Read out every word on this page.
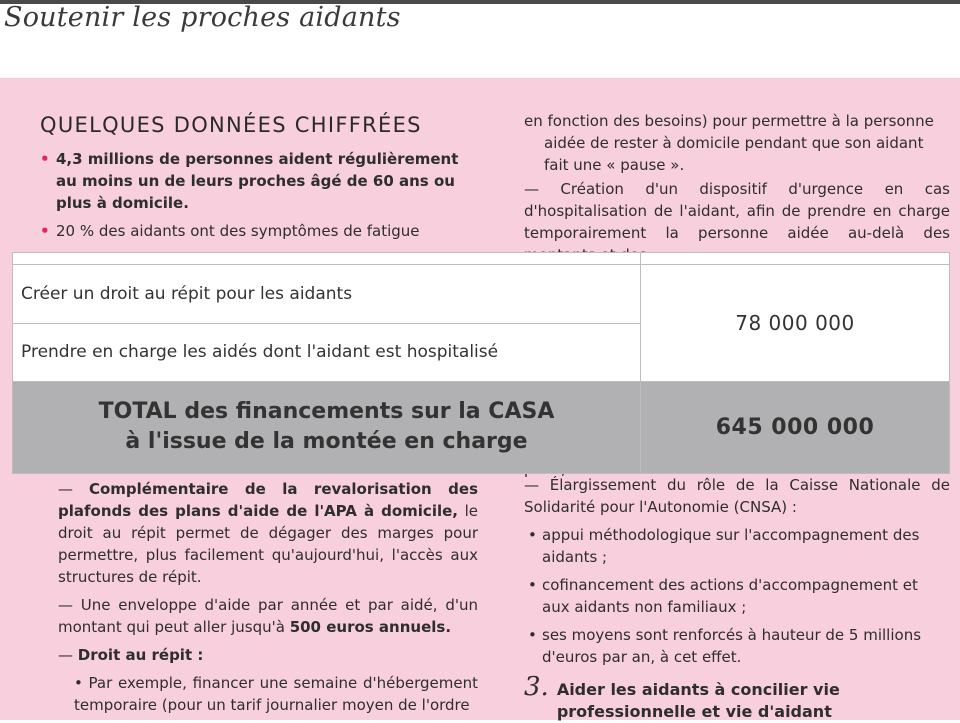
Soutenir les proches aidants
QUELQUES DONNÉES CHIFFRÉES
• 4,3 millions de personnes aident régulièrement au moins un de leurs proches âgé de 60 ans ou plus à domicile.
• 20 % des aidants ont des symptômes de fatigue
en fonction des besoins) pour permettre à la personne
aidée de rester à domicile pendant que son aidant
fait une « pause ».
— Création d'un dispositif d'urgence en cas d'hospitalisation de l'aidant, afin de prendre en charge temporairement la personne aidée au-delà des
— Complémentaire de la revalorisation des plafonds des plans d'aide de l'APA à domicile, le droit au répit permet de dégager des marges pour permettre, plus facilement qu'aujourd'hui, l'accès aux structures de répit.
— Une enveloppe d'aide par année et par aidé, d'un montant qui peut aller jusqu'à 500 euros annuels.
— Droit au répit :
• Par exemple, financer une semaine d'hébergement temporaire (pour un tarif journalier moyen de l'ordre
— Élargissement du rôle de la Caisse Nationale de Solidarité pour l'Autonomie (CNSA) :
• appui méthodologique sur l'accompagnement des aidants ;
• cofinancement des actions d'accompagnement et aux aidants non familiaux ;
• ses moyens sont renforcés à hauteur de 5 millions d'euros par an, à cet effet.
3. Aider les aidants à concilier vie professionnelle et vie d'aidant

Créer un droit au répit pour les aidants	78 000 000
Prendre en charge les aidés dont l'aidant est hospitalisé	

TOTAL des financements sur la CASA
à l'issue de la montée en charge	645 000 000
